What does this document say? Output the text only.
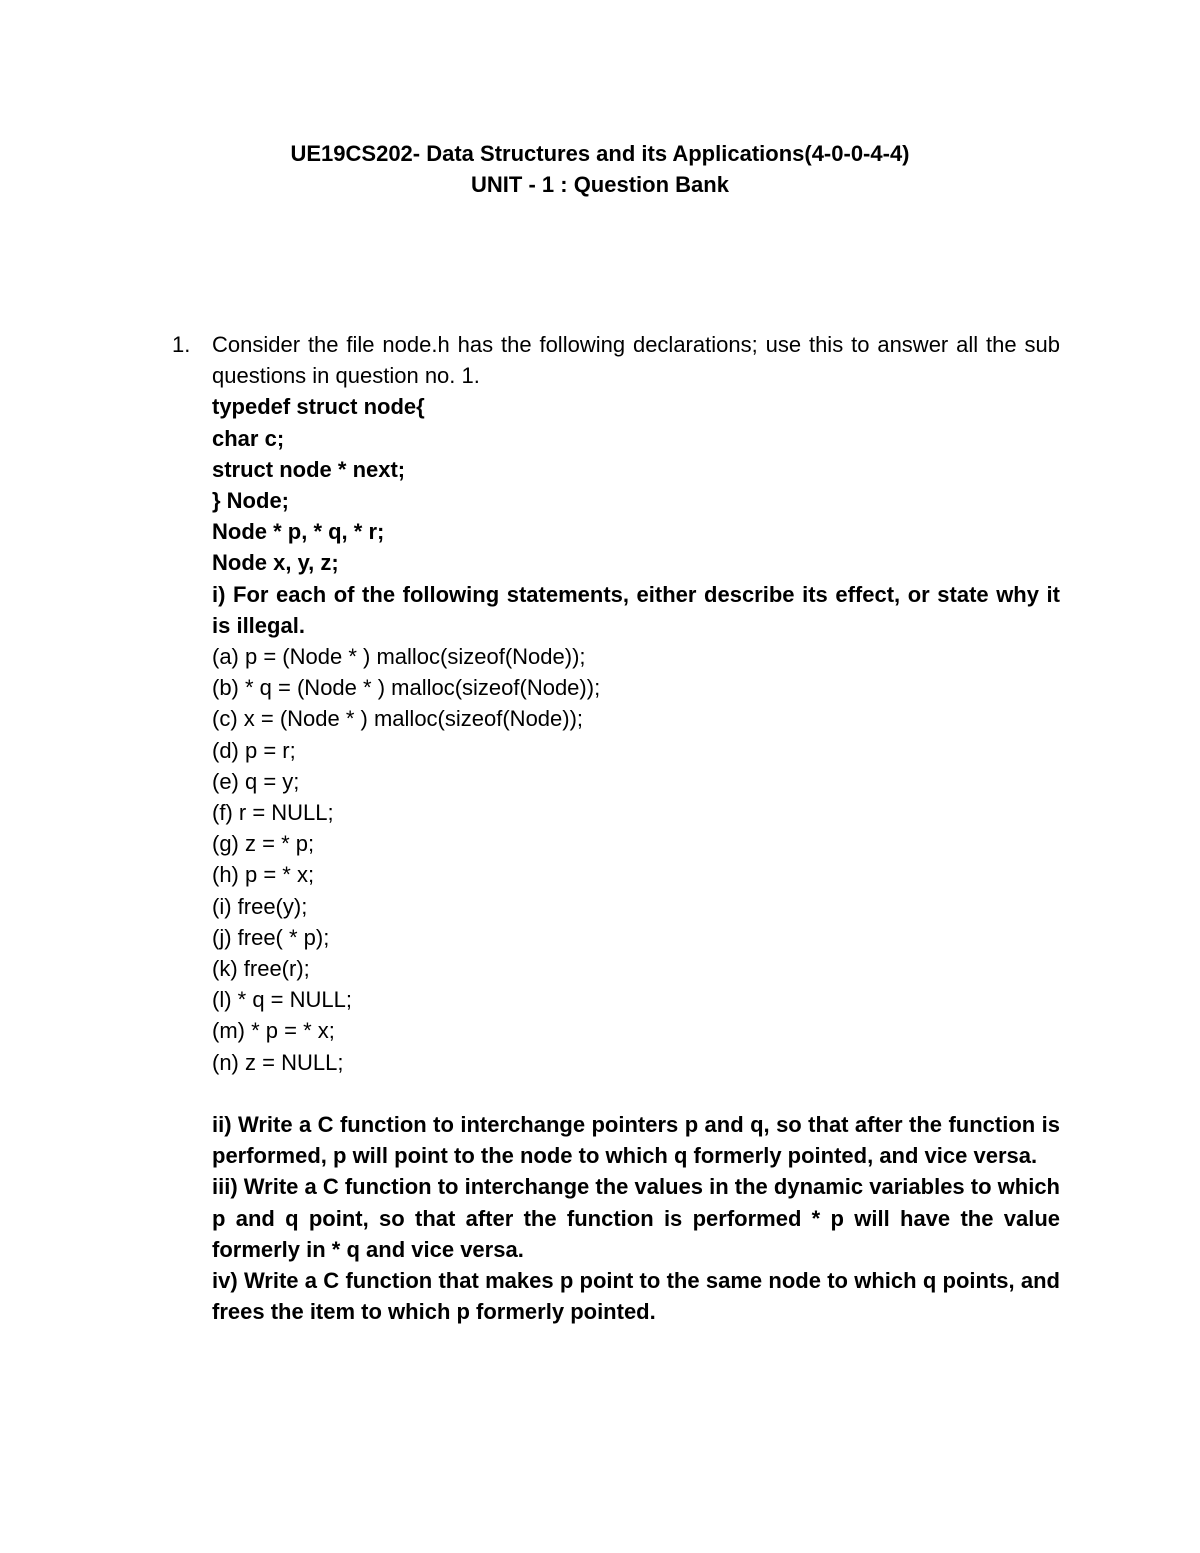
UE19CS202- Data Structures and its Applications(4-0-0-4-4)
UNIT - 1 : Question Bank
1. Consider the file node.h has the following declarations; use this to answer all the sub questions in question no. 1.
typedef struct node{
char c;
struct node * next;
} Node;
Node * p, * q, * r;
Node x, y, z;
i) For each of the following statements, either describe its effect, or state why it is illegal.
(a) p = (Node * ) malloc(sizeof(Node));
(b) * q = (Node * ) malloc(sizeof(Node));
(c) x = (Node * ) malloc(sizeof(Node));
(d) p = r;
(e) q = y;
(f) r = NULL;
(g) z = * p;
(h) p = * x;
(i) free(y);
(j) free( * p);
(k) free(r);
(l) * q = NULL;
(m) * p = * x;
(n) z = NULL;
ii) Write a C function to interchange pointers p and q, so that after the function is performed, p will point to the node to which q formerly pointed, and vice versa.
iii) Write a C function to interchange the values in the dynamic variables to which p and q point, so that after the function is performed * p will have the value formerly in * q and vice versa.
iv) Write a C function that makes p point to the same node to which q points, and frees the item to which p formerly pointed.
